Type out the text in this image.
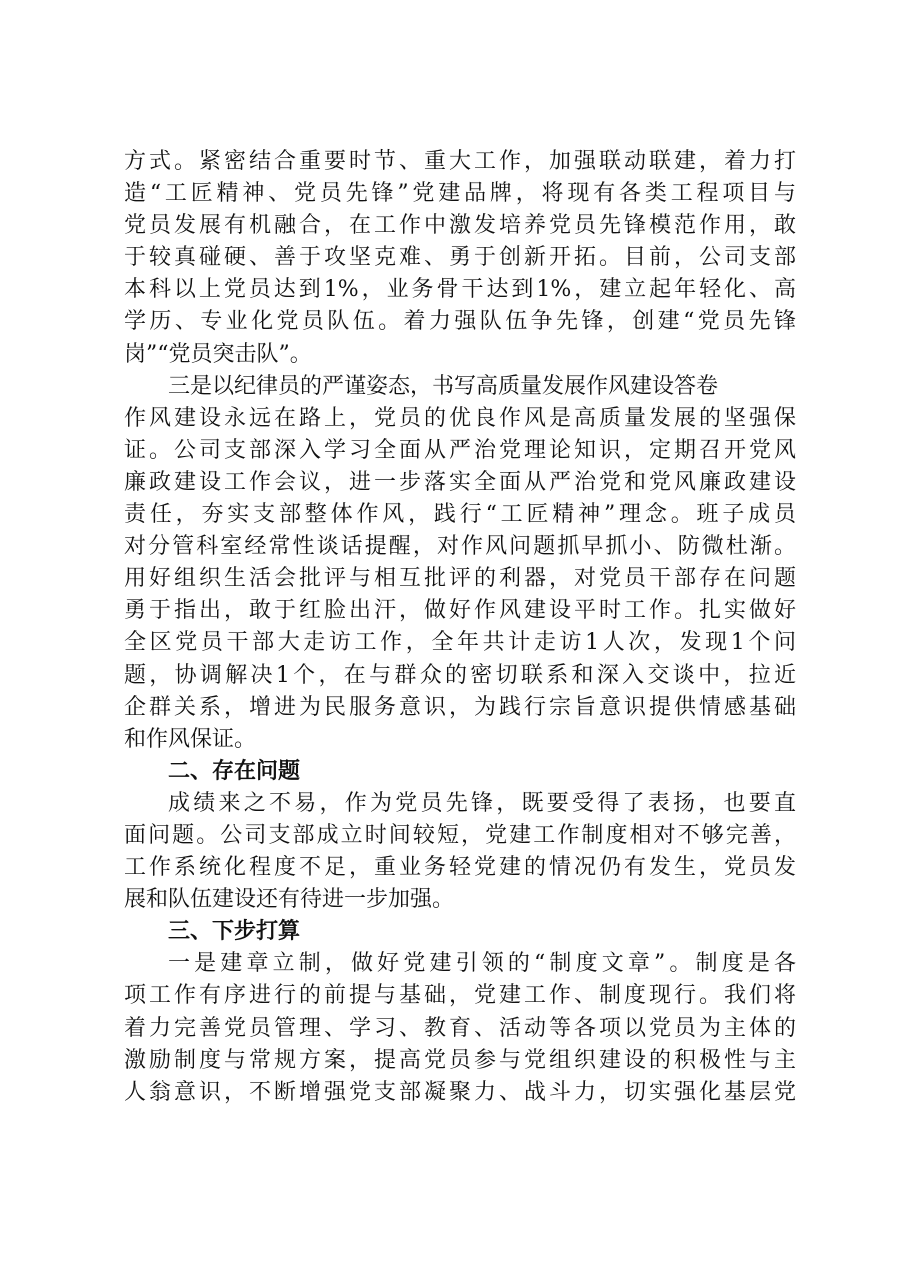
方式。紧密结合重要时节、重大工作，加强联动联建，着力打
造“工匠精神、党员先锋”党建品牌，将现有各类工程项目与
党员发展有机融合，在工作中激发培养党员先锋模范作用，敢
于较真碰硬、善于攻坚克难、勇于创新开拓。目前，公司支部
本科以上党员达到1%，业务骨干达到1%，建立起年轻化、高
学历、专业化党员队伍。着力强队伍争先锋，创建“党员先锋
岗”“党员突击队”。
三是以纪律员的严谨姿态，书写高质量发展作风建设答卷
作风建设永远在路上，党员的优良作风是高质量发展的坚强保
证。公司支部深入学习全面从严治党理论知识，定期召开党风
廉政建设工作会议，进一步落实全面从严治党和党风廉政建设
责任，夯实支部整体作风，践行“工匠精神”理念。班子成员
对分管科室经常性谈话提醒，对作风问题抓早抓小、防微杜渐。
用好组织生活会批评与相互批评的利器，对党员干部存在问题
勇于指出，敢于红脸出汗，做好作风建设平时工作。扎实做好
全区党员干部大走访工作，全年共计走访1人次，发现1个问
题，协调解决1个，在与群众的密切联系和深入交谈中，拉近
企群关系，增进为民服务意识，为践行宗旨意识提供情感基础
和作风保证。
二、存在问题
成绩来之不易，作为党员先锋，既要受得了表扬，也要直
面问题。公司支部成立时间较短，党建工作制度相对不够完善，
工作系统化程度不足，重业务轻党建的情况仍有发生，党员发
展和队伍建设还有待进一步加强。
三、下步打算
一是建章立制，做好党建引领的“制度文章”。制度是各
项工作有序进行的前提与基础，党建工作、制度现行。我们将
着力完善党员管理、学习、教育、活动等各项以党员为主体的
激励制度与常规方案，提高党员参与党组织建设的积极性与主
人翁意识，不断增强党支部凝聚力、战斗力，切实强化基层党
